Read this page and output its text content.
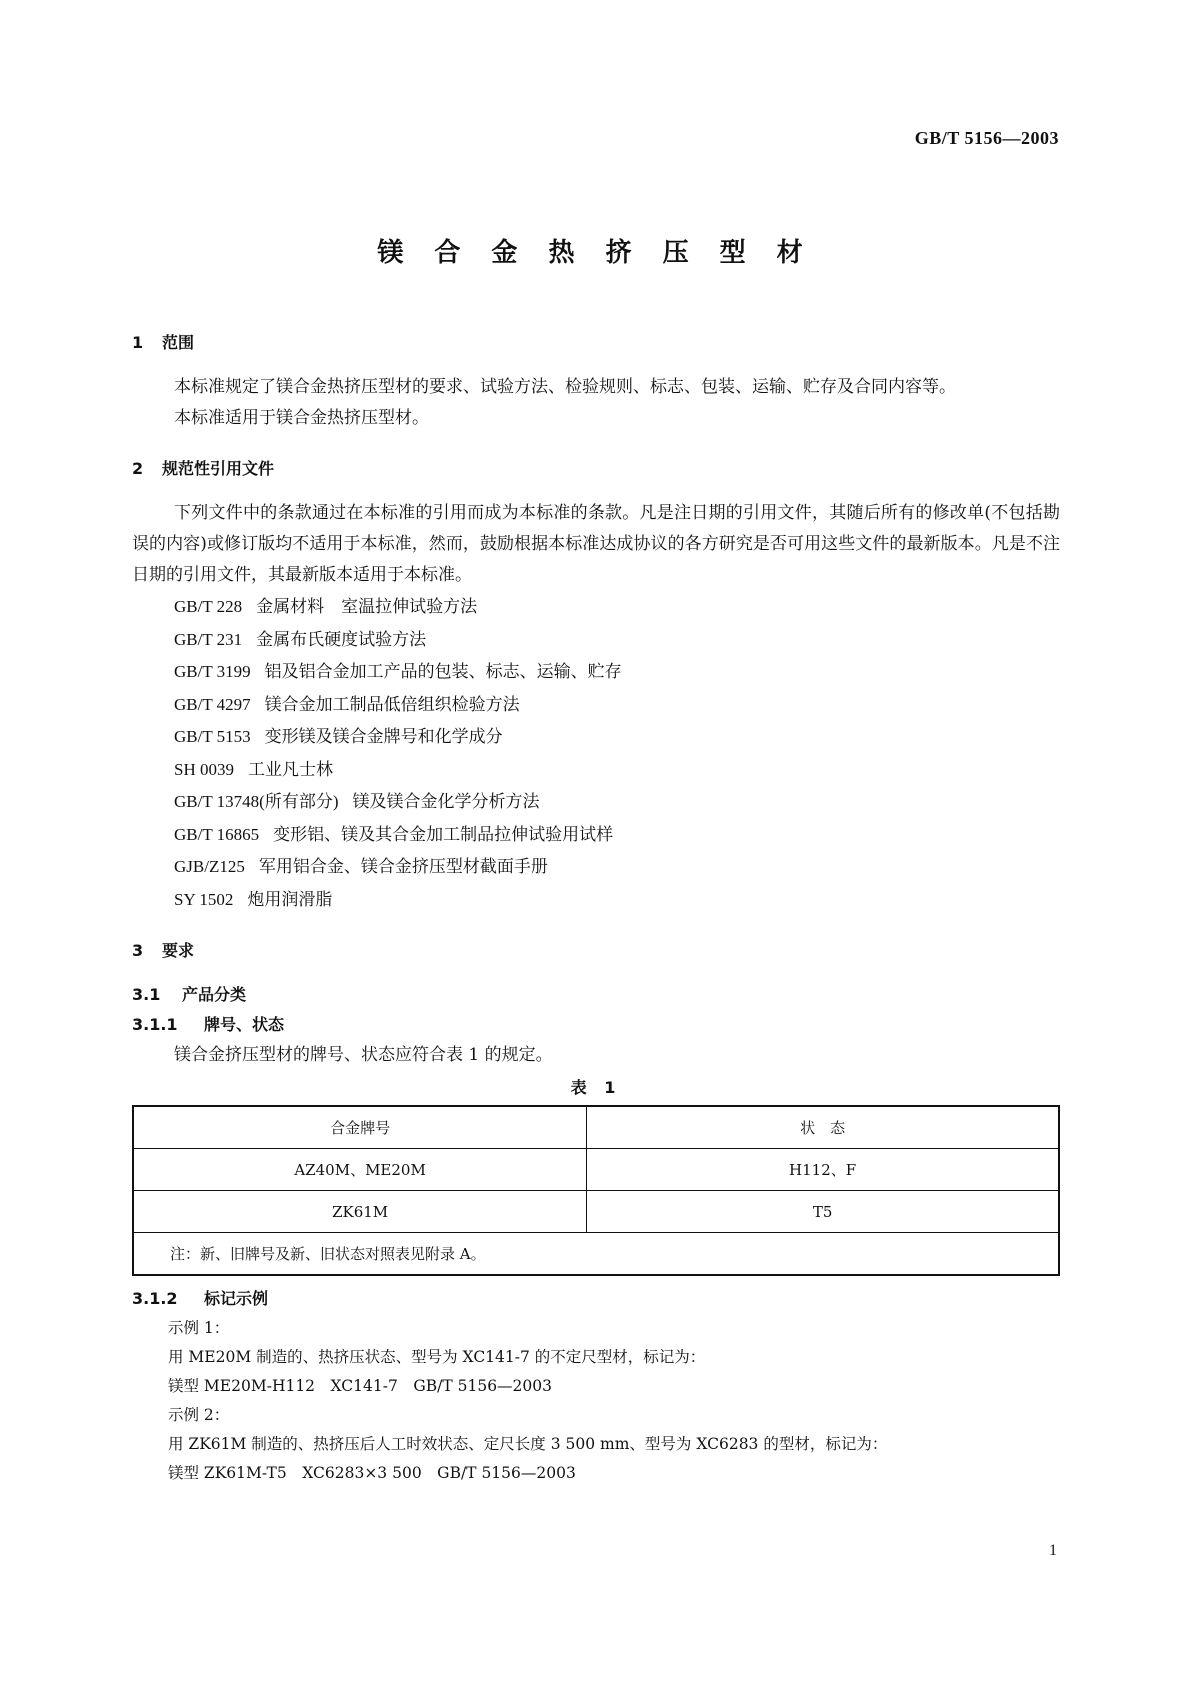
GB/T 5156—2003
镁 合 金 热 挤 压 型 材
1	范围

本标准规定了镁合金热挤压型材的要求、试验方法、检验规则、标志、包装、运输、贮存及合同内容等。

本标准适用于镁合金热挤压型材。

2	规范性引用文件

下列文件中的条款通过在本标准的引用而成为本标准的条款。凡是注日期的引用文件，其随后所有的修改单(不包括勘误的内容)或修订版均不适用于本标准，然而，鼓励根据本标准达成协议的各方研究是否可用这些文件的最新版本。凡是不注日期的引用文件，其最新版本适用于本标准。

GB/T 228 金属材料　室温拉伸试验方法
GB/T 231 金属布氏硬度试验方法
GB/T 3199 铝及铝合金加工产品的包装、标志、运输、贮存
GB/T 4297 镁合金加工制品低倍组织检验方法
GB/T 5153 变形镁及镁合金牌号和化学成分
SH 0039 工业凡士林
GB/T 13748(所有部分) 镁及镁合金化学分析方法
GB/T 16865 变形铝、镁及其合金加工制品拉伸试验用试样
GJB/Z125 军用铝合金、镁合金挤压型材截面手册
SY 1502 炮用润滑脂
3	要求
3.1	产品分类
3.1.1	牌号、状态

镁合金挤压型材的牌号、状态应符合表 1 的规定。

表 1
合金牌号	状　态
AZ40M、ME20M	H112、F
ZK61M	T5
注：新、旧牌号及新、旧状态对照表见附录 A。	
3.1.2	标记示例
示例 1：
用 ME20M 制造的、热挤压状态、型号为 XC141-7 的不定尺型材，标记为：
镁型 ME20M-H112　XC141-7　GB/T 5156—2003
示例 2：
用 ZK61M 制造的、热挤压后人工时效状态、定尺长度 3 500 mm、型号为 XC6283 的型材，标记为：
镁型 ZK61M-T5　XC6283×3 500　GB/T 5156—2003
1
